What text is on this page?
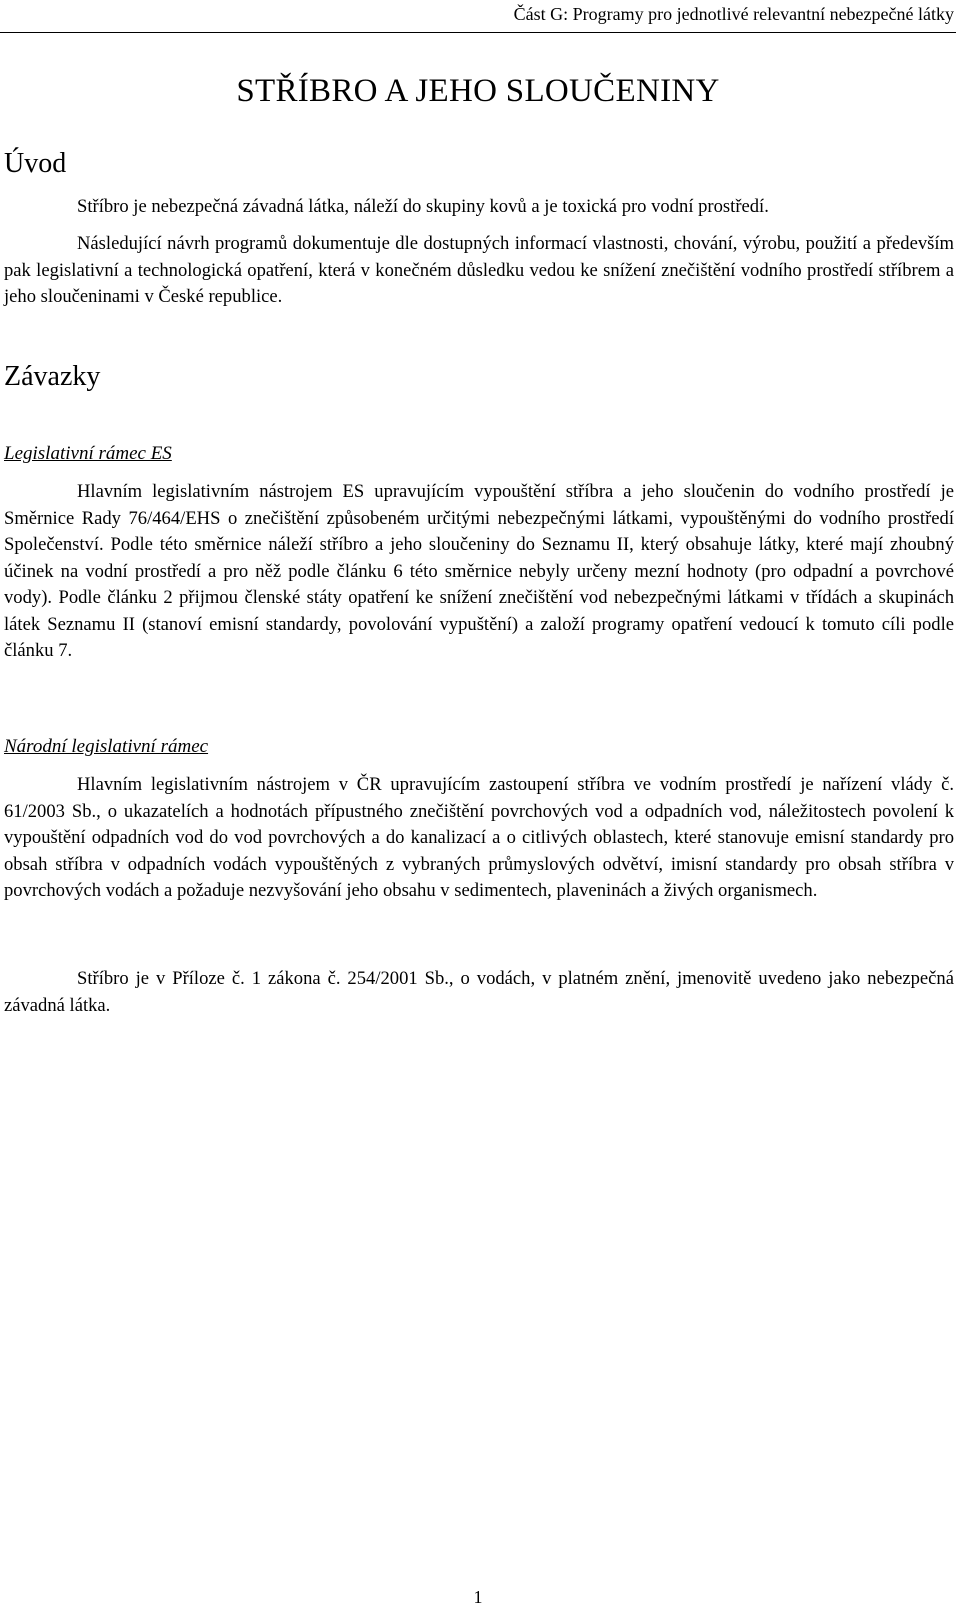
Část G: Programy pro jednotlivé relevantní nebezpečné látky
STŘÍBRO A JEHO SLOUČENINY
Úvod

Stříbro je nebezpečná závadná látka, náleží do skupiny kovů a je toxická pro vodní prostředí.

Následující návrh programů dokumentuje dle dostupných informací vlastnosti, chování, výrobu, použití a především pak legislativní a technologická opatření, která v konečném důsledku vedou ke snížení znečištění vodního prostředí stříbrem a jeho sloučeninami v České republice.

Závazky
Legislativní rámec ES

Hlavním legislativním nástrojem ES upravujícím vypouštění stříbra a jeho sloučenin do vodního prostředí je Směrnice Rady 76/464/EHS o znečištění způsobeném určitými nebezpečnými látkami, vypouštěnými do vodního prostředí Společenství. Podle této směrnice náleží stříbro a jeho sloučeniny do Seznamu II, který obsahuje látky, které mají zhoubný účinek na vodní prostředí a pro něž podle článku 6 této směrnice nebyly určeny mezní hodnoty (pro odpadní a povrchové vody). Podle článku 2 přijmou členské státy opatření ke snížení znečištění vod nebezpečnými látkami v třídách a skupinách látek Seznamu II (stanoví emisní standardy, povolování vypuštění) a založí programy opatření vedoucí k tomuto cíli podle článku 7.

Národní legislativní rámec

Hlavním legislativním nástrojem v ČR upravujícím zastoupení stříbra ve vodním prostředí je nařízení vlády č. 61/2003 Sb., o ukazatelích a hodnotách přípustného znečištění povrchových vod a odpadních vod, náležitostech povolení k vypouštění odpadních vod do vod povrchových a do kanalizací a o citlivých oblastech, které stanovuje emisní standardy pro obsah stříbra v odpadních vodách vypouštěných z vybraných průmyslových odvětví, imisní standardy pro obsah stříbra v povrchových vodách a požaduje nezvyšování jeho obsahu v sedimentech, plaveninách a živých organismech.

Stříbro je v Příloze č. 1 zákona č. 254/2001 Sb., o vodách, v platném znění, jmenovitě uvedeno jako nebezpečná závadná látka.

1
